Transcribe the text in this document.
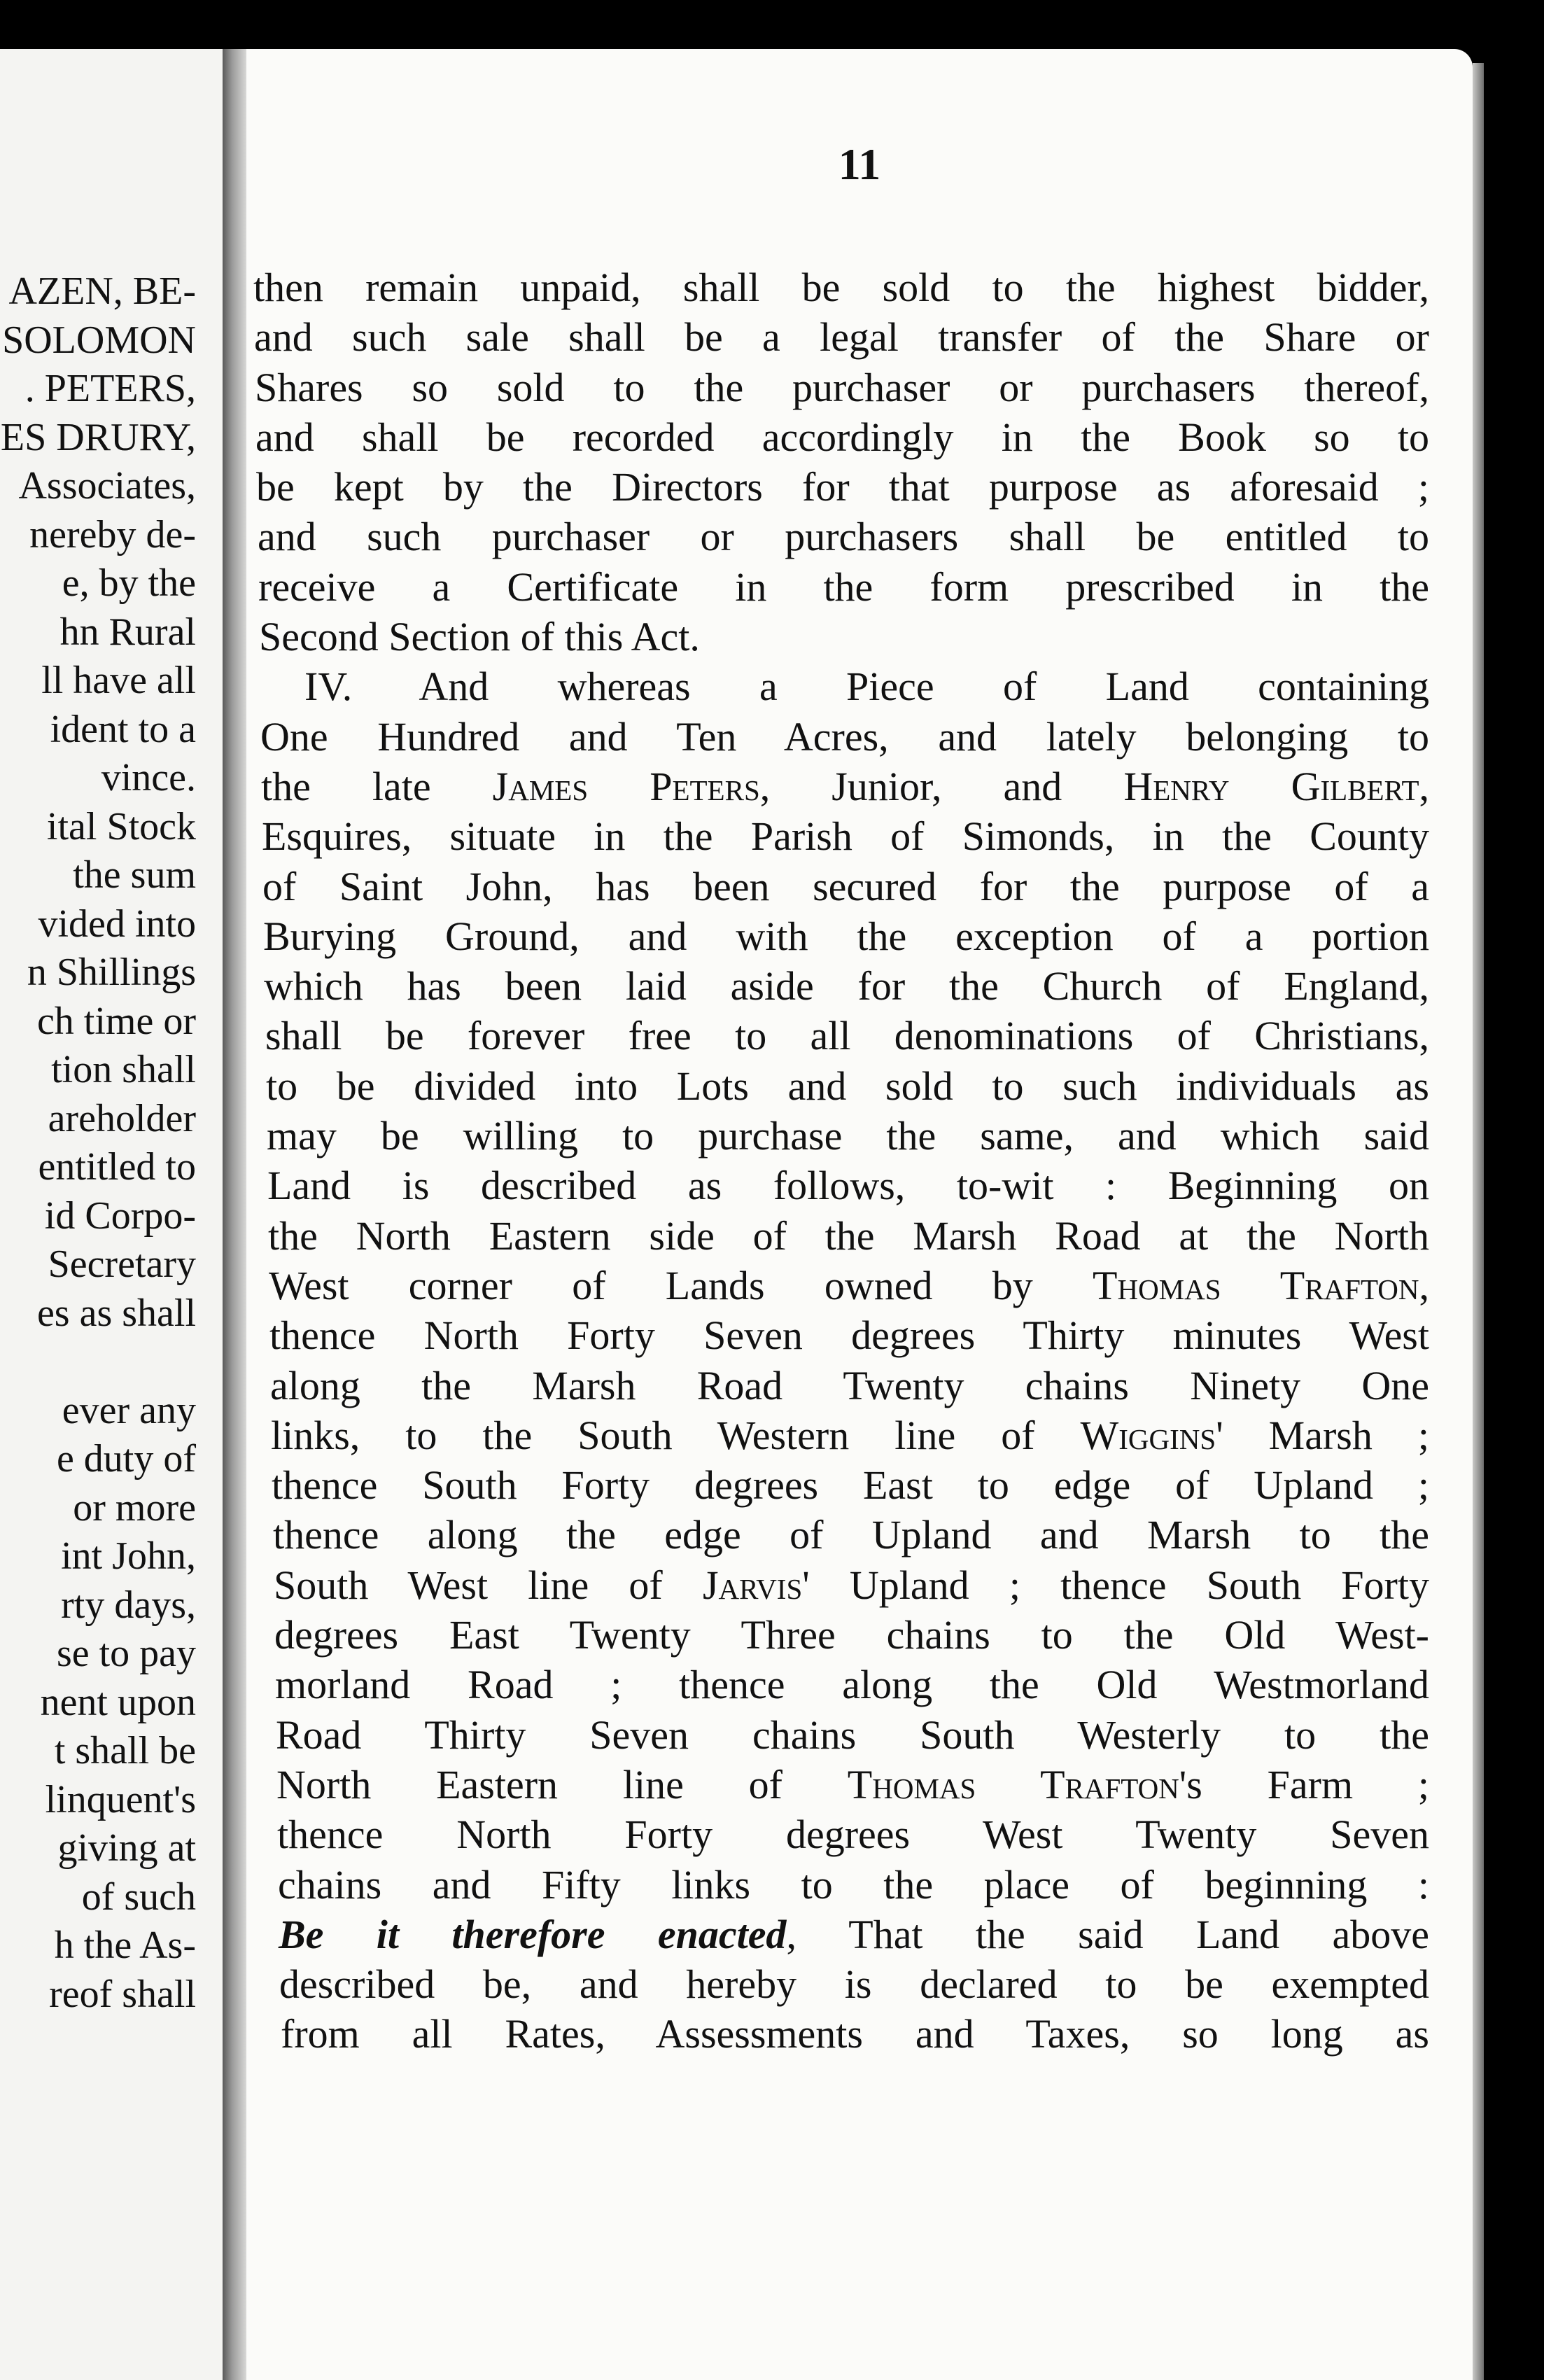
AZEN, BE-
SOLOMON
. PETERS,
ES DRURY,
Associates,
nereby de-
e, by the
hn Rural
ll have all
ident to a
vince.
ital Stock
the sum
vided into
n Shillings
ch time or
tion shall
areholder
entitled to
id Corpo-
Secretary
es as shall

ever any
e duty of
or more
int John,
rty days,
se to pay
nent upon
t shall be
linquent's
giving at
of such
h the As-
reof shall
11
then remain unpaid, shall be sold to the highest bidder,
and such sale shall be a legal transfer of the Share or
Shares so sold to the purchaser or purchasers thereof,
and shall be recorded accordingly in the Book so to
be kept by the Directors for that purpose as aforesaid ;
and such purchaser or purchasers shall be entitled to
receive a Certificate in the form prescribed in the
Second Section of this Act.
IV. And whereas a Piece of Land containing
One Hundred and Ten Acres, and lately belonging to
the late James Peters, Junior, and Henry Gilbert,
Esquires, situate in the Parish of Simonds, in the County
of Saint John, has been secured for the purpose of a
Burying Ground, and with the exception of a portion
which has been laid aside for the Church of England,
shall be forever free to all denominations of Christians,
to be divided into Lots and sold to such individuals as
may be willing to purchase the same, and which said
Land is described as follows, to-wit : Beginning on
the North Eastern side of the Marsh Road at the North
West corner of Lands owned by Thomas Trafton,
thence North Forty Seven degrees Thirty minutes West
along the Marsh Road Twenty chains Ninety One
links, to the South Western line of Wiggins' Marsh ;
thence South Forty degrees East to edge of Upland ;
thence along the edge of Upland and Marsh to the
South West line of Jarvis' Upland ; thence South Forty
degrees East Twenty Three chains to the Old West-
morland Road ; thence along the Old Westmorland
Road Thirty Seven chains South Westerly to the
North Eastern line of Thomas Trafton's Farm ;
thence North Forty degrees West Twenty Seven
chains and Fifty links to the place of beginning :
Be it therefore enacted, That the said Land above
described be, and hereby is declared to be exempted
from all Rates, Assessments and Taxes, so long as
